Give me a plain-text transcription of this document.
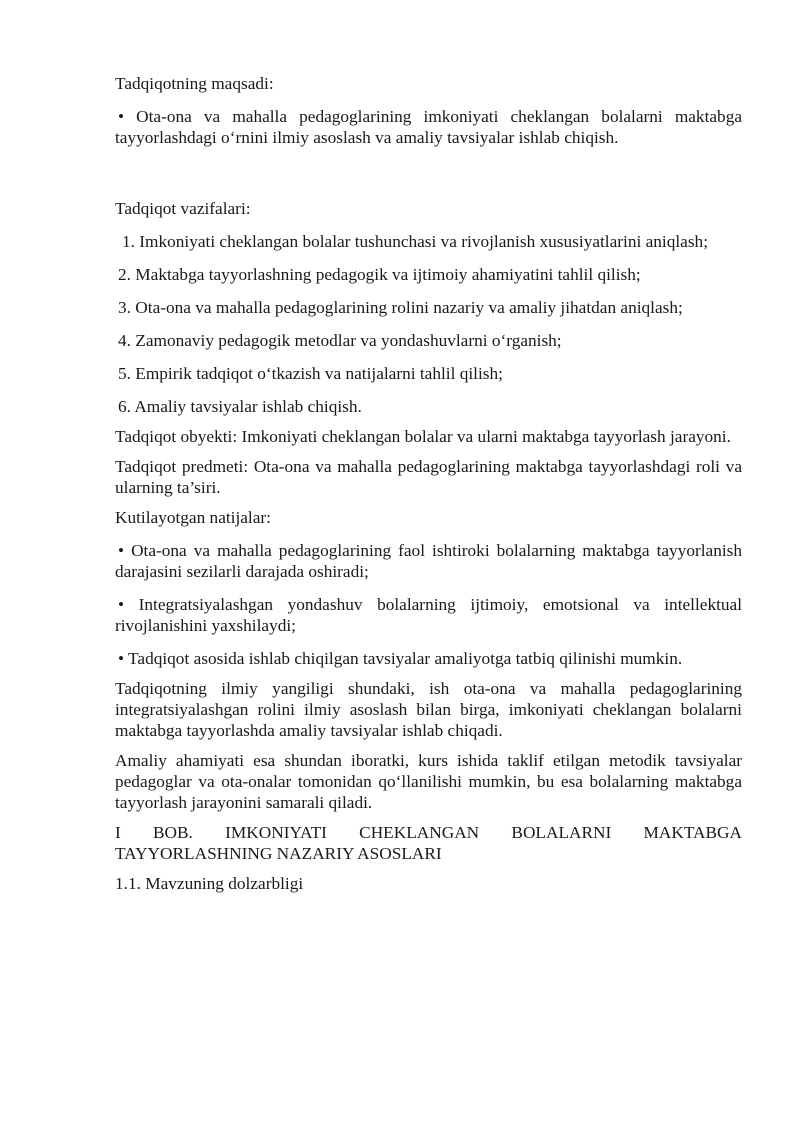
Tadqiqotning maqsadi:

• Ota-ona va mahalla pedagoglarining imkoniyati cheklangan bolalarni maktabga tayyorlashdagi o‘rnini ilmiy asoslash va amaliy tavsiyalar ishlab chiqish.

Tadqiqot vazifalari:

1. Imkoniyati cheklangan bolalar tushunchasi va rivojlanish xususiyatlarini aniqlash;

2. Maktabga tayyorlashning pedagogik va ijtimoiy ahamiyatini tahlil qilish;

3. Ota-ona va mahalla pedagoglarining rolini nazariy va amaliy jihatdan aniqlash;

4. Zamonaviy pedagogik metodlar va yondashuvlarni o‘rganish;

5. Empirik tadqiqot o‘tkazish va natijalarni tahlil qilish;

6. Amaliy tavsiyalar ishlab chiqish.

Tadqiqot obyekti: Imkoniyati cheklangan bolalar va ularni maktabga tayyorlash jarayoni.

Tadqiqot predmeti: Ota-ona va mahalla pedagoglarining maktabga tayyorlashdagi roli va ularning ta’siri.

Kutilayotgan natijalar:

• Ota-ona va mahalla pedagoglarining faol ishtiroki bolalarning maktabga tayyorlanish darajasini sezilarli darajada oshiradi;

• Integratsiyalashgan yondashuv bolalarning ijtimoiy, emotsional va intellektual rivojlanishini yaxshilaydi;

• Tadqiqot asosida ishlab chiqilgan tavsiyalar amaliyotga tatbiq qilinishi mumkin.

Tadqiqotning ilmiy yangiligi shundaki, ish ota-ona va mahalla pedagoglarining integratsiyalashgan rolini ilmiy asoslash bilan birga, imkoniyati cheklangan bolalarni maktabga tayyorlashda amaliy tavsiyalar ishlab chiqadi.

Amaliy ahamiyati esa shundan iboratki, kurs ishida taklif etilgan metodik tavsiyalar pedagoglar va ota-onalar tomonidan qo‘llanilishi mumkin, bu esa bolalarning maktabga tayyorlash jarayonini samarali qiladi.

I BOB. IMKONIYATI CHEKLANGAN BOLALARNI MAKTABGA TAYYORLASHNING NAZARIY ASOSLARI

1.1. Mavzuning dolzarbligi
